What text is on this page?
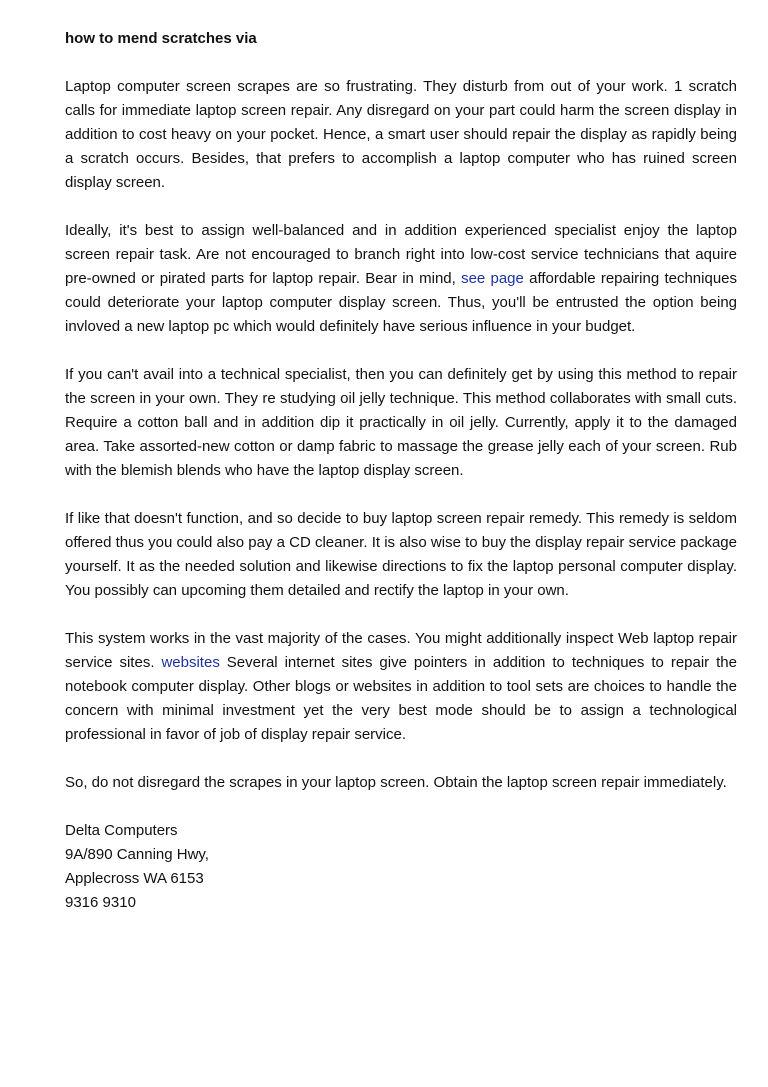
how to mend scratches via

Laptop computer screen scrapes are so frustrating. They disturb from out of your work. 1 scratch calls for immediate laptop screen repair. Any disregard on your part could harm the screen display in addition to cost heavy on your pocket. Hence, a smart user should repair the display as rapidly being a scratch occurs. Besides, that prefers to accomplish a laptop computer who has ruined screen display screen.

Ideally, it's best to assign well-balanced and in addition experienced specialist enjoy the laptop screen repair task. Are not encouraged to branch right into low-cost service technicians that aquire pre-owned or pirated parts for laptop repair. Bear in mind, see page affordable repairing techniques could deteriorate your laptop computer display screen. Thus, you'll be entrusted the option being invloved a new laptop pc which would definitely have serious influence in your budget.

If you can't avail into a technical specialist, then you can definitely get by using this method to repair the screen in your own. They re studying oil jelly technique. This method collaborates with small cuts. Require a cotton ball and in addition dip it practically in oil jelly. Currently, apply it to the damaged area. Take assorted-new cotton or damp fabric to massage the grease jelly each of your screen. Rub with the blemish blends who have the laptop display screen.

If like that doesn't function, and so decide to buy laptop screen repair remedy. This remedy is seldom offered thus you could also pay a CD cleaner. It is also wise to buy the display repair service package yourself. It as the needed solution and likewise directions to fix the laptop personal computer display. You possibly can upcoming them detailed and rectify the laptop in your own.

This system works in the vast majority of the cases. You might additionally inspect Web laptop repair service sites. websites Several internet sites give pointers in addition to techniques to repair the notebook computer display. Other blogs or websites in addition to tool sets are choices to handle the concern with minimal investment yet the very best mode should be to assign a technological professional in favor of job of display repair service.

So, do not disregard the scrapes in your laptop screen. Obtain the laptop screen repair immediately.

Delta Computers
9A/890 Canning Hwy,
Applecross WA 6153
9316 9310
